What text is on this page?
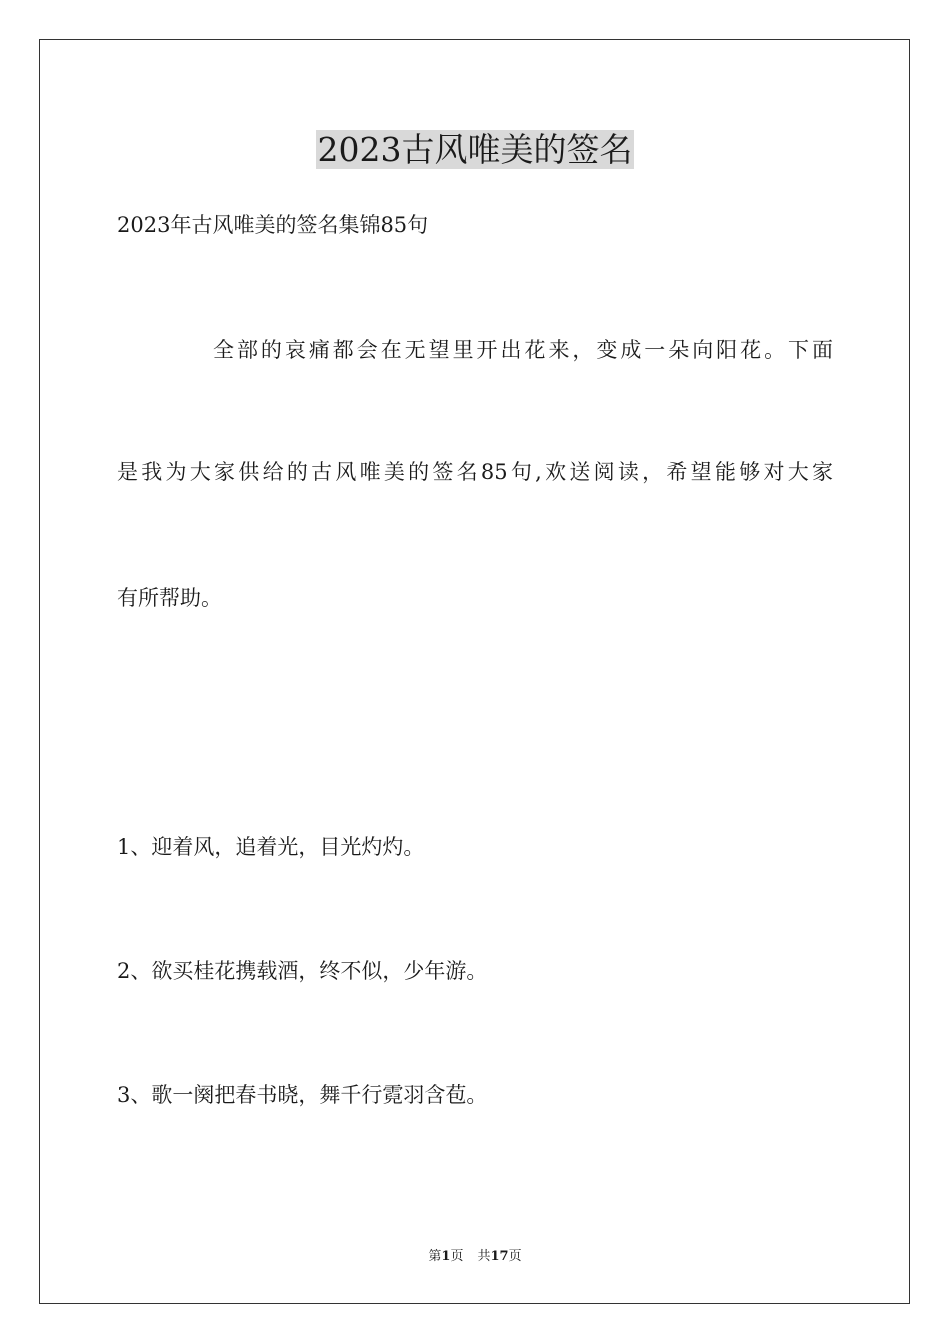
2023古风唯美的签名
2023年古风唯美的签名集锦85句
全部的哀痛都会在无望里开出花来，变成一朵向阳花。下面
是我为大家供给的古风唯美的签名85句,欢送阅读，希望能够对大家
有所帮助。
1、迎着风，追着光，目光灼灼。
2、欲买桂花携载酒，终不似，少年游。
3、歌一阕把春书晓，舞千行霓羽含苞。
第1页 共17页
